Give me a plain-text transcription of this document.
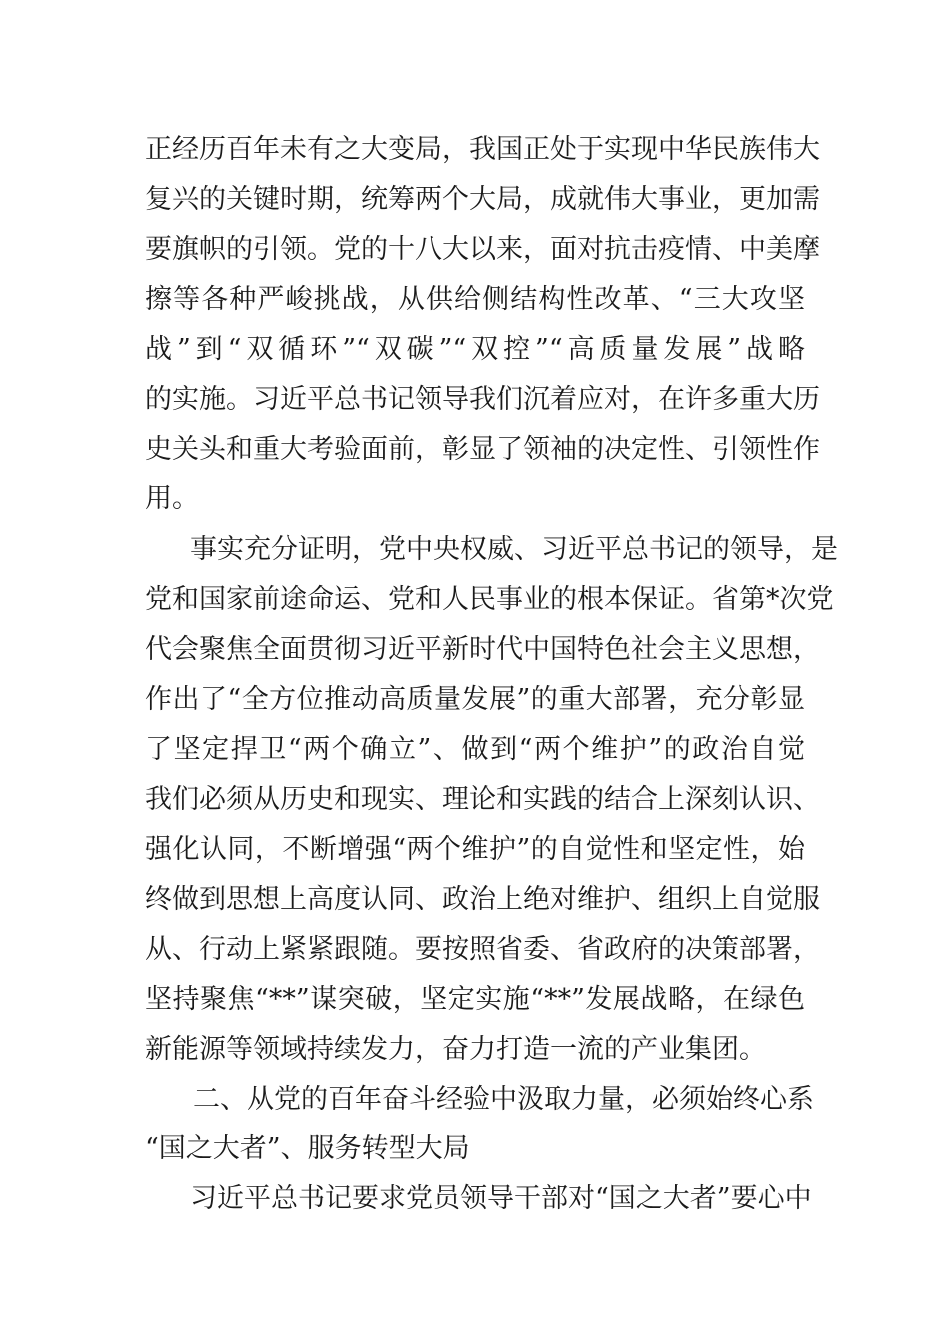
正经历百年未有之大变局，我国正处于实现中华民族伟大
复兴的关键时期，统筹两个大局，成就伟大事业，更加需
要旗帜的引领。党的十八大以来，面对抗击疫情、中美摩
擦等各种严峻挑战，从供给侧结构性改革、“三大攻坚
战”到“双循环”“双碳”“双控”“高质量发展”战略
的实施。习近平总书记领导我们沉着应对，在许多重大历
史关头和重大考验面前，彰显了领袖的决定性、引领性作
用。
事实充分证明，党中央权威、习近平总书记的领导，是
党和国家前途命运、党和人民事业的根本保证。省第*次党
代会聚焦全面贯彻习近平新时代中国特色社会主义思想，
作出了“全方位推动高质量发展”的重大部署，充分彰显
了坚定捍卫“两个确立”、做到“两个维护”的政治自觉
我们必须从历史和现实、理论和实践的结合上深刻认识、
强化认同，不断增强“两个维护”的自觉性和坚定性，始
终做到思想上高度认同、政治上绝对维护、组织上自觉服
从、行动上紧紧跟随。要按照省委、省政府的决策部署，
坚持聚焦“**”谋突破，坚定实施“**”发展战略，在绿色
新能源等领域持续发力，奋力打造一流的产业集团。
二、从党的百年奋斗经验中汲取力量，必须始终心系
“国之大者”、服务转型大局
习近平总书记要求党员领导干部对“国之大者”要心中
